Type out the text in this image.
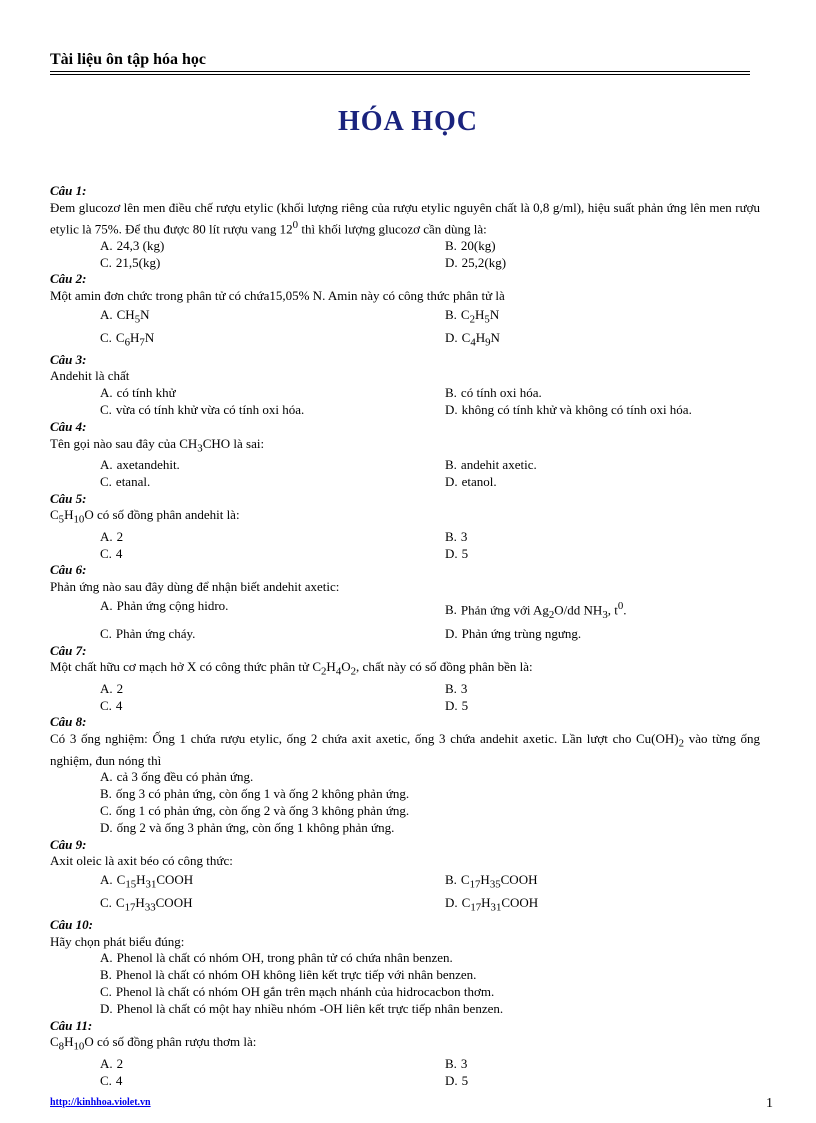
Tài liệu ôn tập hóa học
HÓA HỌC
Câu 1:
Đem glucozơ lên men điều chế rượu etylic (khối lượng riêng của rượu etylic nguyên chất là 0,8 g/ml), hiệu suất phản ứng lên men rượu etylic là 75%. Để thu được 80 lít rượu vang $12^0$ thì khối lượng glucozơ cần dùng là:
A. 24,3 (kg)	B. 20(kg)
C. 21,5(kg)	D. 25,2(kg)
Câu 2:
Một amin đơn chức trong phân tử có chứa15,05% N. Amin này có công thức phân tử là
A. $CH_5N$	B. $C_2H_5N$
C. $C_6H_7N$	D. $C_4H_9N$
Câu 3:
Andehit là chất
A. có tính khử	B. có tính oxi hóa.
C. vừa có tính khử vừa có tính oxi hóa.	D. không có tính khử và không có tính oxi hóa.
Câu 4:
Tên gọi nào sau đây của $CH_3CHO$ là sai:
A. axetandehit.	B. andehit axetic.
C. etanal.	D. etanol.
Câu 5:
$C_5H_{10}O$ có số đồng phân andehit là:
A. 2	B. 3
C. 4	D. 5
Câu 6:
Phản ứng nào sau đây dùng để nhận biết andehit axetic:
A. Phản ứng cộng hidro.	B. Phản ứng với $Ag_2O/dd$ $NH_3$, $t^0$.
C. Phản ứng cháy.	D. Phản ứng trùng ngưng.
Câu 7:
Một chất hữu cơ mạch hở X có công thức phân tử $C_2H_4O_2$, chất này có số đồng phân bền là:
A. 2	B. 3
C. 4	D. 5
Câu 8:
Có 3 ống nghiệm: Ống 1 chứa rượu etylic, ống 2 chứa axit axetic, ống 3 chứa andehit axetic. Lần lượt cho $Cu(OH)_2$ vào từng ống nghiệm, đun nóng thì
A. cả 3 ống đều có phản ứng.
B. ống 3 có phản ứng, còn ống 1 và ống 2 không phản ứng.
C. ống 1 có phản ứng, còn ống 2 và ống 3 không phản ứng.
D. ống 2 và ống 3 phản ứng, còn ống 1 không phản ứng.
Câu 9:
Axit oleic là axit béo có công thức:
A. $C_{15}H_{31}COOH$	B. $C_{17}H_{35}COOH$
C. $C_{17}H_{33}COOH$	D. $C_{17}H_{31}COOH$
Câu 10:
Hãy chọn phát biểu đúng:
A. Phenol là chất có nhóm OH, trong phân tử có chứa nhân benzen.
B. Phenol là chất có nhóm OH không liên kết trực tiếp với nhân benzen.
C. Phenol là chất có nhóm OH gắn trên mạch nhánh của hidrocacbon thơm.
D. Phenol là chất có một hay nhiều nhóm -OH liên kết trực tiếp nhân benzen.
Câu 11:
$C_8H_{10}O$ có số đồng phân rượu thơm là:
A. 2	B. 3
C. 4	D. 5
http://kinhhoa.violet.vn	1
